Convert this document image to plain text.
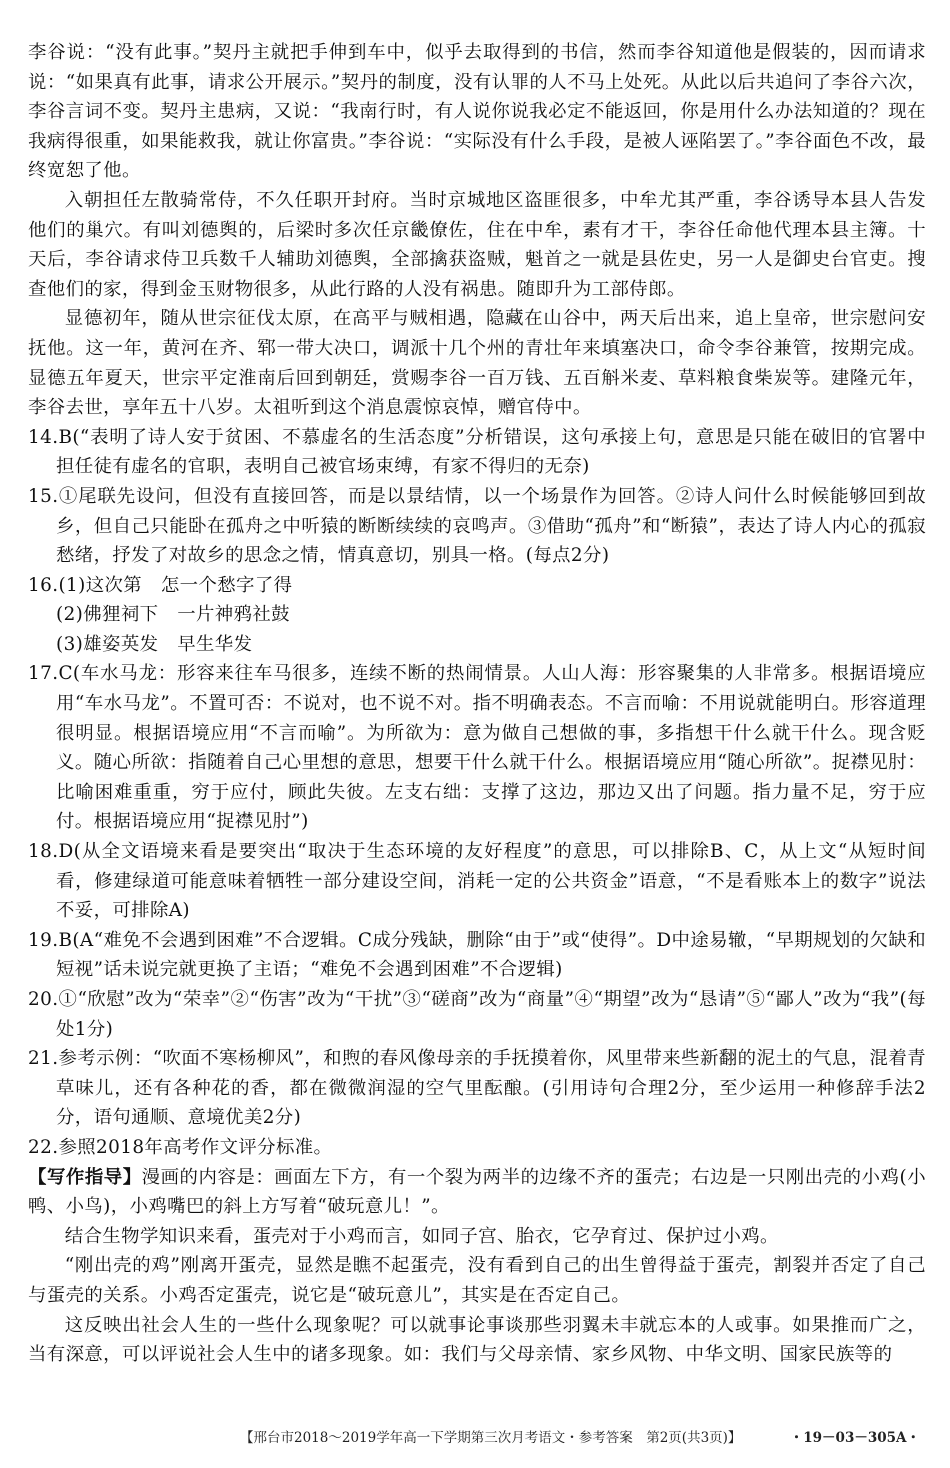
李谷说：“没有此事。”契丹主就把手伸到车中，似乎去取得到的书信，然而李谷知道他是假装的，因而请求说：“如果真有此事，请求公开展示。”契丹的制度，没有认罪的人不马上处死。从此以后共追问了李谷六次，李谷言词不变。契丹主患病，又说：“我南行时，有人说你说我必定不能返回，你是用什么办法知道的？现在我病得很重，如果能救我，就让你富贵。”李谷说：“实际没有什么手段，是被人诬陷罢了。”李谷面色不改，最终宽恕了他。

入朝担任左散骑常侍，不久任职开封府。当时京城地区盗匪很多，中牟尤其严重，李谷诱导本县人告发他们的巢穴。有叫刘德舆的，后梁时多次任京畿僚佐，住在中牟，素有才干，李谷任命他代理本县主簿。十天后，李谷请求侍卫兵数千人辅助刘德舆，全部擒获盗贼，魁首之一就是县佐史，另一人是御史台官吏。搜查他们的家，得到金玉财物很多，从此行路的人没有祸患。随即升为工部侍郎。

显德初年，随从世宗征伐太原，在高平与贼相遇，隐藏在山谷中，两天后出来，追上皇帝，世宗慰问安抚他。这一年，黄河在齐、郓一带大决口，调派十几个州的青壮年来填塞决口，命令李谷兼管，按期完成。显德五年夏天，世宗平定淮南后回到朝廷，赏赐李谷一百万钱、五百斛米麦、草料粮食柴炭等。建隆元年，李谷去世，享年五十八岁。太祖听到这个消息震惊哀悼，赠官侍中。

14.B(“表明了诗人安于贫困、不慕虚名的生活态度”分析错误，这句承接上句，意思是只能在破旧的官署中担任徒有虚名的官职，表明自己被官场束缚，有家不得归的无奈)

15.①尾联先设问，但没有直接回答，而是以景结情，以一个场景作为回答。②诗人问什么时候能够回到故乡，但自己只能卧在孤舟之中听猿的断断续续的哀鸣声。③借助“孤舟”和“断猿”，表达了诗人内心的孤寂愁绪，抒发了对故乡的思念之情，情真意切，别具一格。(每点2分)

16.(1)这次第　怎一个愁字了得

(2)佛狸祠下　一片神鸦社鼓

(3)雄姿英发　早生华发

17.C(车水马龙：形容来往车马很多，连续不断的热闹情景。人山人海：形容聚集的人非常多。根据语境应用“车水马龙”。不置可否：不说对，也不说不对。指不明确表态。不言而喻：不用说就能明白。形容道理很明显。根据语境应用“不言而喻”。为所欲为：意为做自己想做的事，多指想干什么就干什么。现含贬义。随心所欲：指随着自己心里想的意思，想要干什么就干什么。根据语境应用“随心所欲”。捉襟见肘：比喻困难重重，穷于应付，顾此失彼。左支右绌：支撑了这边，那边又出了问题。指力量不足，穷于应付。根据语境应用“捉襟见肘”)

18.D(从全文语境来看是要突出“取决于生态环境的友好程度”的意思，可以排除B、C，从上文“从短时间看，修建绿道可能意味着牺牲一部分建设空间，消耗一定的公共资金”语意，“不是看账本上的数字”说法不妥，可排除A)

19.B(A“难免不会遇到困难”不合逻辑。C成分残缺，删除“由于”或“使得”。D中途易辙，“早期规划的欠缺和短视”话未说完就更换了主语；“难免不会遇到困难”不合逻辑)

20.①“欣慰”改为“荣幸”②“伤害”改为“干扰”③“磋商”改为“商量”④“期望”改为“恳请”⑤“鄙人”改为“我”(每处1分)

21.参考示例：“吹面不寒杨柳风”，和煦的春风像母亲的手抚摸着你，风里带来些新翻的泥土的气息，混着青草味儿，还有各种花的香，都在微微润湿的空气里酝酿。(引用诗句合理2分，至少运用一种修辞手法2分，语句通顺、意境优美2分)

22.参照2018年高考作文评分标准。

【写作指导】漫画的内容是：画面左下方，有一个裂为两半的边缘不齐的蛋壳；右边是一只刚出壳的小鸡(小鸭、小鸟)，小鸡嘴巴的斜上方写着“破玩意儿！”。

结合生物学知识来看，蛋壳对于小鸡而言，如同子宫、胎衣，它孕育过、保护过小鸡。

“刚出壳的鸡”刚离开蛋壳，显然是瞧不起蛋壳，没有看到自己的出生曾得益于蛋壳，割裂并否定了自己与蛋壳的关系。小鸡否定蛋壳，说它是“破玩意儿”，其实是在否定自己。

这反映出社会人生的一些什么现象呢？可以就事论事谈那些羽翼未丰就忘本的人或事。如果推而广之，当有深意，可以评说社会人生中的诸多现象。如：我们与父母亲情、家乡风物、中华文明、国家民族等的

【邢台市2018～2019学年高一下学期第三次月考语文・参考答案　第2页(共3页)】	・19－03－305A・
